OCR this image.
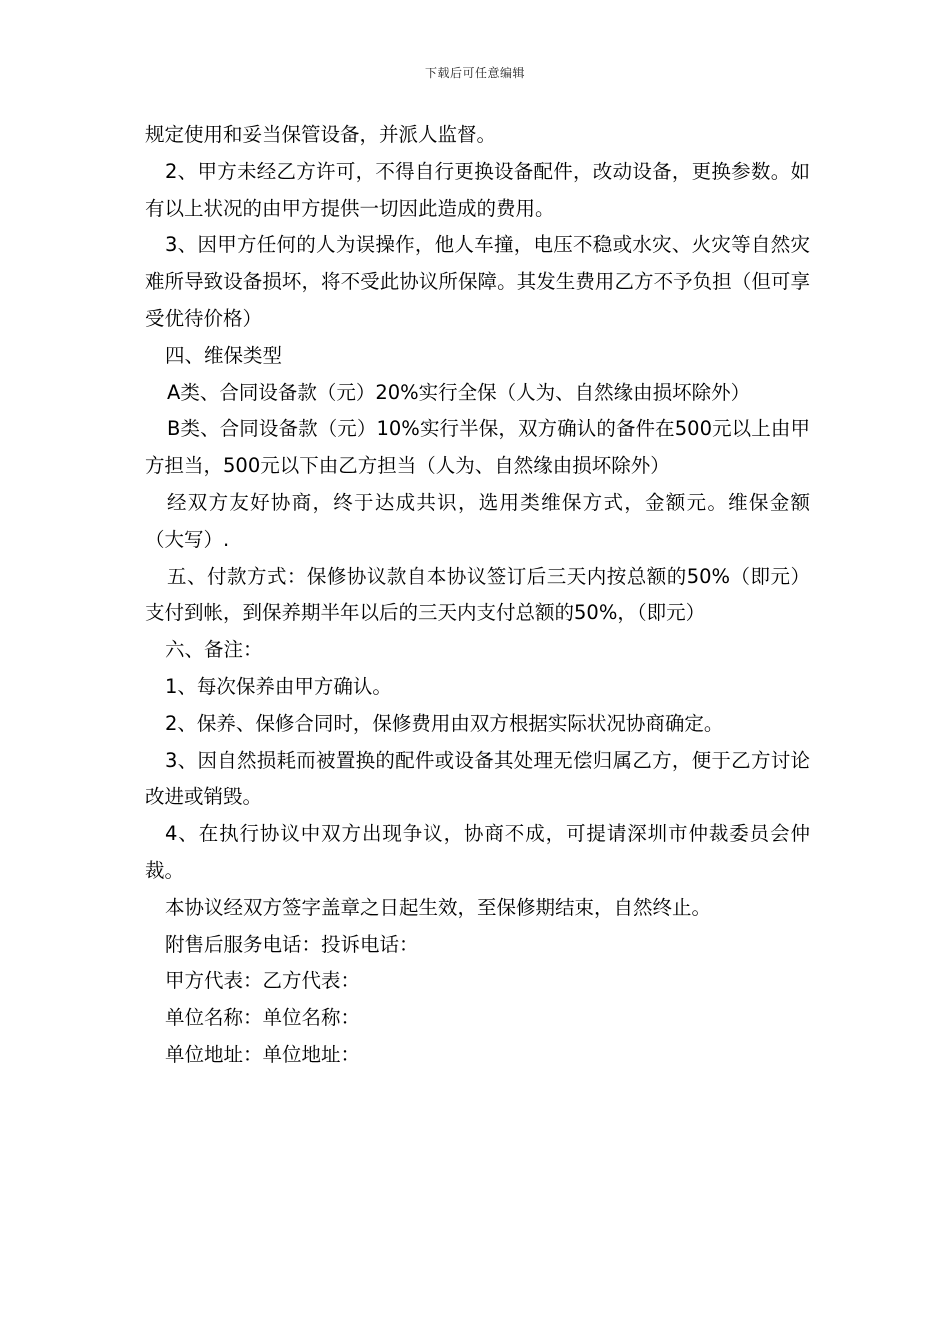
下载后可任意编辑

规定使用和妥当保管设备，并派人监督。

2、甲方未经乙方许可，不得自行更换设备配件，改动设备，更换参数。如有以上状况的由甲方提供一切因此造成的费用。

3、因甲方任何的人为误操作，他人车撞，电压不稳或水灾、火灾等自然灾难所导致设备损坏，将不受此协议所保障。其发生费用乙方不予负担（但可享受优待价格）

四、维保类型

A类、合同设备款（元）20%实行全保（人为、自然缘由损坏除外）

B类、合同设备款（元）10%实行半保，双方确认的备件在500元以上由甲方担当，500元以下由乙方担当（人为、自然缘由损坏除外）

经双方友好协商，终于达成共识，选用类维保方式，金额元。维保金额（大写）.

五、付款方式：保修协议款自本协议签订后三天内按总额的50%（即元）支付到帐，到保养期半年以后的三天内支付总额的50%，（即元）

六、备注：

1、每次保养由甲方确认。

2、保养、保修合同时，保修费用由双方根据实际状况协商确定。

3、因自然损耗而被置换的配件或设备其处理无偿归属乙方，便于乙方讨论改进或销毁。

4、在执行协议中双方出现争议，协商不成，可提请深圳市仲裁委员会仲裁。

本协议经双方签字盖章之日起生效，至保修期结束，自然终止。

附售后服务电话：投诉电话：

甲方代表：乙方代表：

单位名称：单位名称：

单位地址：单位地址：
